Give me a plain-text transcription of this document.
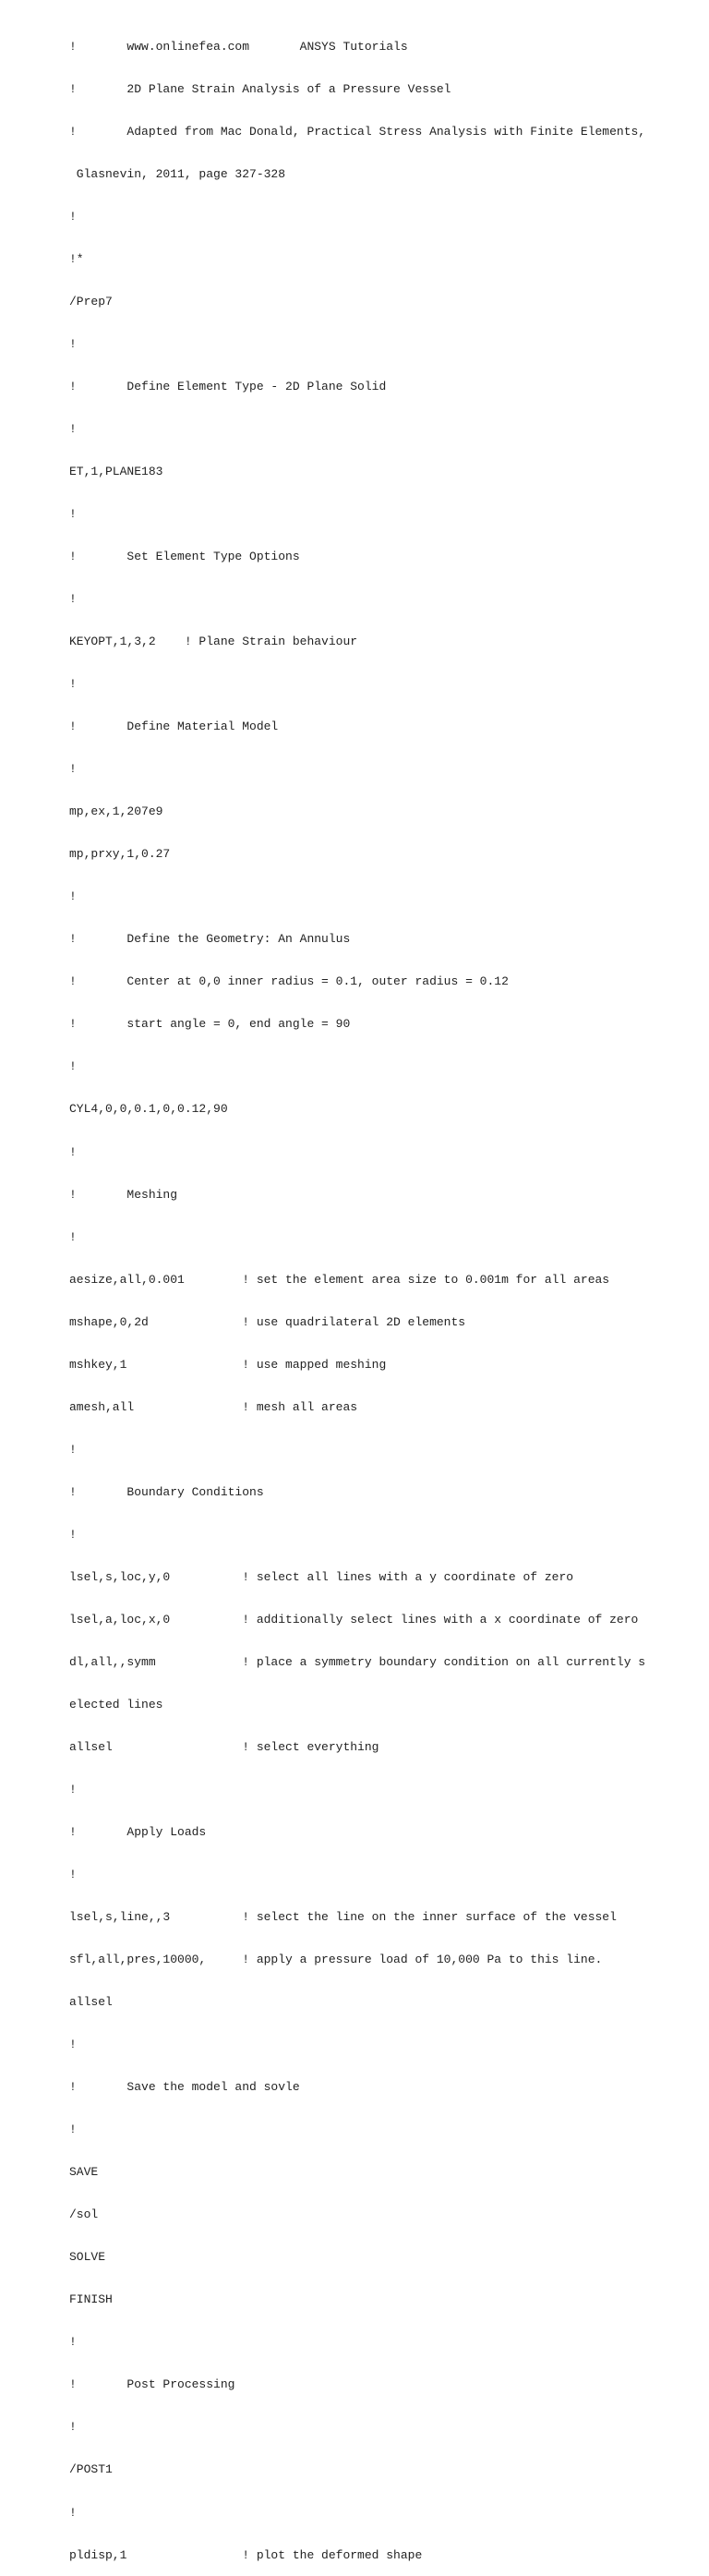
!       www.onlinefea.com       ANSYS Tutorials

!       2D Plane Strain Analysis of a Pressure Vessel

!       Adapted from Mac Donald, Practical Stress Analysis with Finite Elements,

Glasnevin, 2011, page 327-328

!

!*

/Prep7

!

!       Define Element Type - 2D Plane Solid

!

ET,1,PLANE183

!

!       Set Element Type Options

!

KEYOPT,1,3,2    ! Plane Strain behaviour

!

!       Define Material Model

!

mp,ex,1,207e9

mp,prxy,1,0.27

!

!       Define the Geometry: An Annulus

!       Center at 0,0 inner radius = 0.1, outer radius = 0.12

!       start angle = 0, end angle = 90

!

CYL4,0,0,0.1,0,0.12,90

!

!       Meshing

!

aesize,all,0.001        ! set the element area size to 0.001m for all areas

mshape,0,2d             ! use quadrilateral 2D elements

mshkey,1                ! use mapped meshing

amesh,all               ! mesh all areas

!

!       Boundary Conditions

!

lsel,s,loc,y,0          ! select all lines with a y coordinate of zero

lsel,a,loc,x,0          ! additionally select lines with a x coordinate of zero

dl,all,,symm            ! place a symmetry boundary condition on all currently s

elected lines

allsel                  ! select everything

!

!       Apply Loads

!

lsel,s,line,,3          ! select the line on the inner surface of the vessel

sfl,all,pres,10000,     ! apply a pressure load of 10,000 Pa to this line.

allsel

!

!       Save the model and sovle

!

SAVE

/sol

SOLVE

FINISH

!

!       Post Processing

!

/POST1

!

pldisp,1                ! plot the deformed shape
